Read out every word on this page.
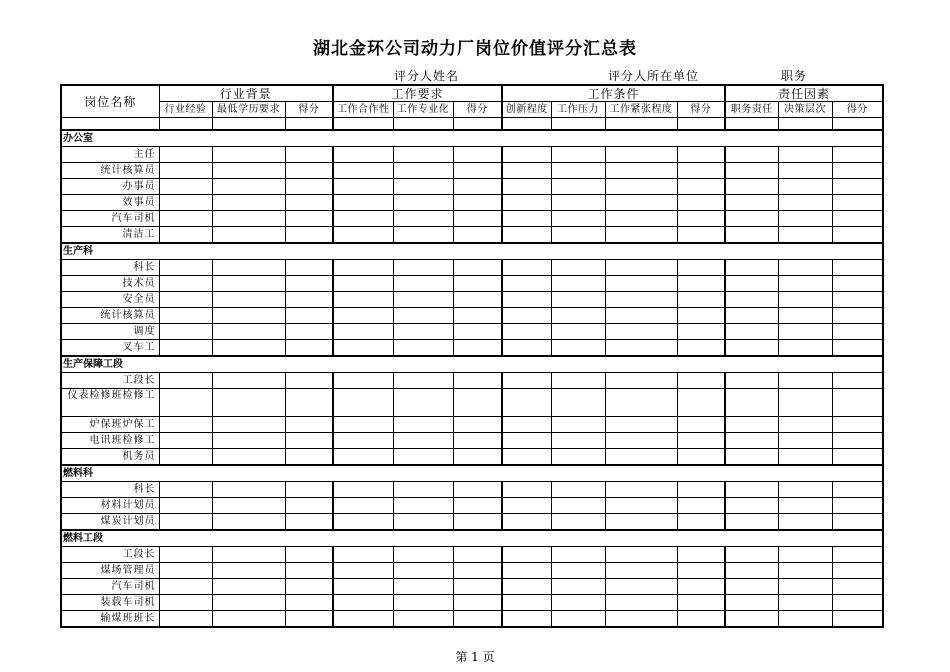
湖北金环公司动力厂岗位价值评分汇总表
评分人姓名	评分人所在单位	职务
岗位名称	行业背景			工作要求			工作条件				责任因素		
	行业经验	最低学历要求	得分	工作合作性	工作专业化	得分	创新程度	工作压力	工作紧张程度	得分	职务责任	决策层次	得分

办公室													
主任													
统计核算员													
办事员													
效事员													
汽车司机													
清洁工													
生产科													
科长													
技术员													
安全员													
统计核算员													
调度													
叉车工													
生产保障工段													
工段长													
仪表检修班检修工													
炉保班炉保工													
电讯班检修工													
机务员													
燃料科													
科长													
材料计划员													
煤炭计划员													
燃料工段													
工段长													
煤场管理员													
汽车司机													
装载车司机													
输煤班班长													
第 1 页
